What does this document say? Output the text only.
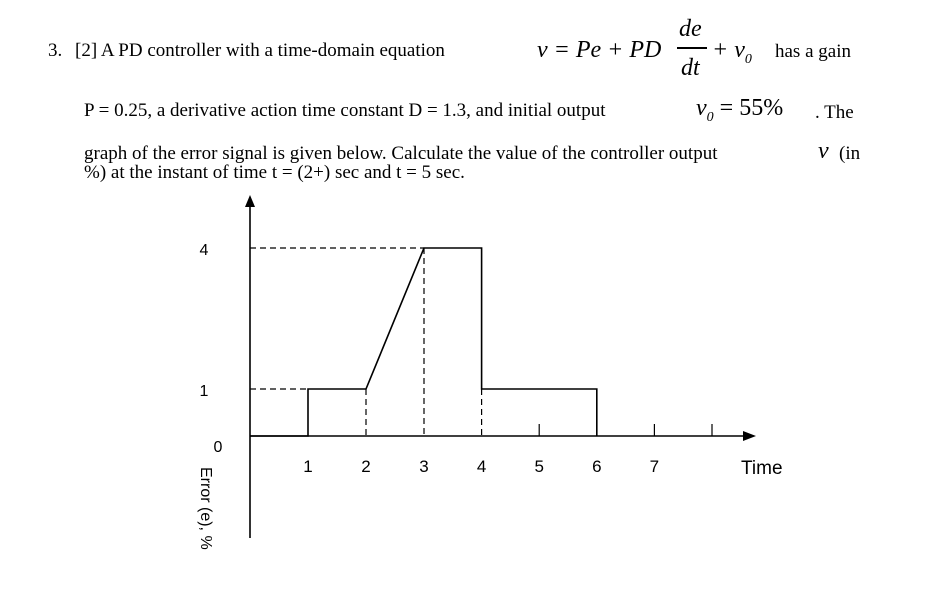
3. [2] A PD controller with a time-domain equation	v = Pe + PD
de
dt
+ $v_0$ has a gain
P = 0.25, a derivative action time constant D = 1.3, and initial output	$v_0 = 55\%$ . The
graph of the error signal is given below. Calculate the value of the controller output	v (in
%) at the instant of time t = (2+) sec and t = 5 sec.
1	2	3	4	5	6	7
0
1
4
Time
Error (e), %
